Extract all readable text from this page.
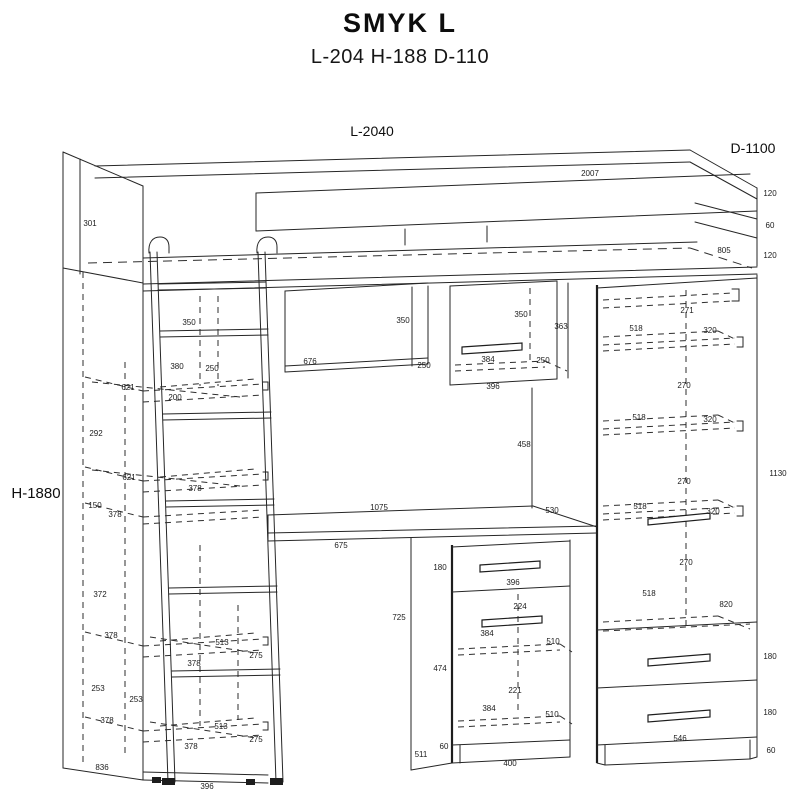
SMYK L
L-204 H-188 D-110
2007
301
805
120
60
120
350
380	250
621
200
292
621
378
150
378
372
378
513
275
378
253
253
378
513
275
378
836
396
350
676
350
363
384
250
250
396
458
1075	530
675
180
396
725
224
384
510
474
221
384
510
60
511
400
271
518	320
270
518	320
270
518
320
270
518
820
1130
180
180
546
60
L-2040
D-1100
H-1880
